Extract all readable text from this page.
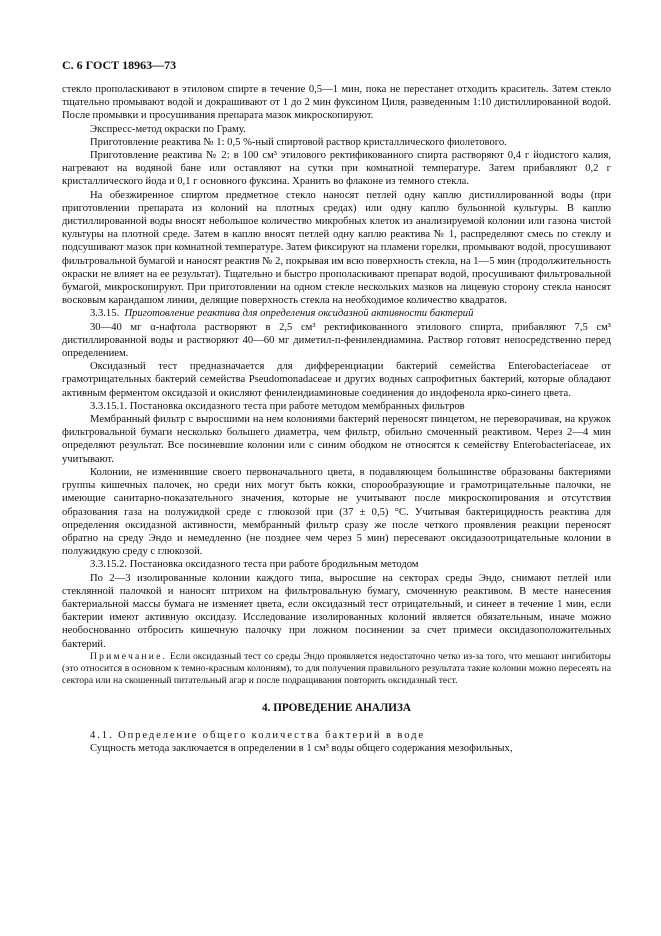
С. 6 ГОСТ 18963—73

стекло прополаскивают в этиловом спирте в течение 0,5—1 мин, пока не перестанет отходить краситель. Затем стекло тщательно промывают водой и докрашивают от 1 до 2 мин фуксином Циля, разведенным 1:10 дистиллированной водой. После промывки и просушивания препарата мазок микроскопируют.

Экспресс-метод окраски по Граму.

Приготовление реактива № 1: 0,5 %-ный спиртовой раствор кристаллического фиолетового.

Приготовление реактива № 2: в 100 см³ этилового ректификованного спирта растворяют 0,4 г йодистого калия, нагревают на водяной бане или оставляют на сутки при комнатной температуре. Затем прибавляют 0,2 г кристаллического йода и 0,1 г основного фуксина. Хранить во флаконе из темного стекла.

На обезжиренное спиртом предметное стекло наносят петлей одну каплю дистиллированной воды (при приготовлении препарата из колоний на плотных средах) или одну каплю бульонной культуры. В каплю дистиллированной воды вносят небольшое количество микробных клеток из анализируемой колонии или газона чистой культуры на плотной среде. Затем в каплю вносят петлей одну каплю реактива № 1, распределяют смесь по стеклу и подсушивают мазок при комнатной температуре. Затем фиксируют на пламени горелки, промывают водой, просушивают фильтровальной бумагой и наносят реактив № 2, покрывая им всю поверхность стекла, на 1—5 мин (продолжительность окраски не влияет на ее результат). Тщательно и быстро прополаскивают препарат водой, просушивают фильтровальной бумагой, микроскопируют. При приготовлении на одном стекле нескольких мазков на лицевую сторону стекла наносят восковым карандашом линии, делящие поверхность стекла на необходимое количество квадратов.

3.3.15. Приготовление реактива для определения оксидазной активности бактерий

30—40 мг α-нафтола растворяют в 2,5 см³ ректификованного этилового спирта, прибавляют 7,5 см³ дистиллированной воды и растворяют 40—60 мг диметил-п-фенилендиамина. Раствор готовят непосредственно перед определением.

Оксидазный тест предназначается для дифференциации бактерий семейства Enterobacteriaceae от грамотрицательных бактерий семейства Pseudomonadaceae и других водных сапрофитных бактерий, которые обладают активным ферментом оксидазой и окисляют фенилендиаминовые соединения до индофенола ярко-синего цвета.

3.3.15.1. Постановка оксидазного теста при работе методом мембранных фильтров

Мембранный фильтр с выросшими на нем колониями бактерий переносят пинцетом, не переворачивая, на кружок фильтровальной бумаги несколько большего диаметра, чем фильтр, обильно смоченный реактивом. Через 2—4 мин определяют результат. Все посиневшие колонии или с синим ободком не относятся к семейству Enterobacteriaceae, их учитывают.

Колонии, не изменившие своего первоначального цвета, в подавляющем большинстве образованы бактериями группы кишечных палочек, но среди них могут быть кокки, спорообразующие и грамотрицательные палочки, не имеющие санитарно-показательного значения, которые не учитывают после микроскопирования и отсутствия образования газа на полужидкой среде с глюкозой при (37 ± 0,5) °С. Учитывая бактерицидность реактива для определения оксидазной активности, мембранный фильтр сразу же после четкого проявления реакции переносят обратно на среду Эндо и немедленно (не позднее чем через 5 мин) пересевают оксидазоотрицательные колонии в полужидкую среду с глюкозой.

3.3.15.2. Постановка оксидазного теста при работе бродильным методом

По 2—3 изолированные колонии каждого типа, выросшие на секторах среды Эндо, снимают петлей или стеклянной палочкой и наносят штрихом на фильтровальную бумагу, смоченную реактивом. В месте нанесения бактериальной массы бумага не изменяет цвета, если оксидазный тест отрицательный, и синеет в течение 1 мин, если бактерии имеют активную оксидазу. Исследование изолированных колоний является обязательным, иначе можно необоснованно отбросить кишечную палочку при ложном посинении за счет примеси оксидазоположительных бактерий.

Примечание. Если оксидазный тест со среды Эндо проявляется недостаточно четко из-за того, что мешают ингибиторы (это относится в основном к темно-красным колониям), то для получения правильного результата такие колонии можно пересеять на сектора или на скошенный питательный агар и после подращивания повторить оксидазный тест.

4. ПРОВЕДЕНИЕ АНАЛИЗА

4.1. Определение общего количества бактерий в воде

Сущность метода заключается в определении в 1 см³ воды общего содержания мезофильных,
